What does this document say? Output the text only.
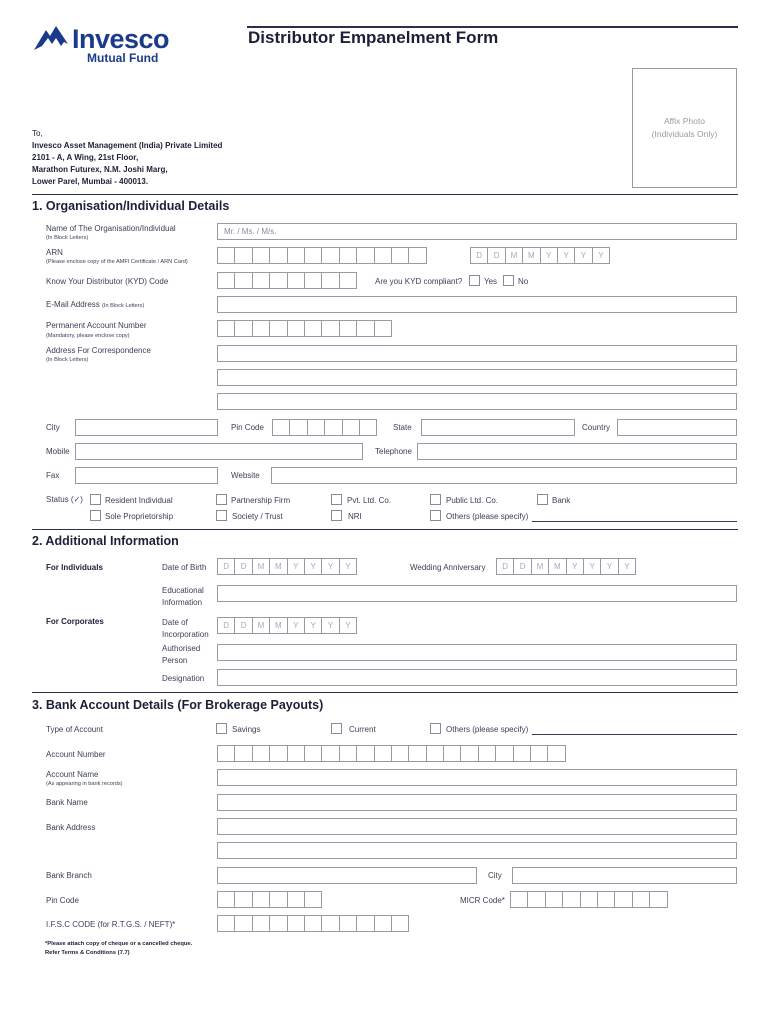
Invesco
Mutual Fund
Distributor Empanelment Form
Affix Photo
(Individuals Only)
To,
Invesco Asset Management (India) Private Limited
2101 - A, A Wing, 21st Floor,
Marathon Futurex, N.M. Joshi Marg,
Lower Parel, Mumbai - 400013.
1. Organisation/Individual Details
Name of The Organisation/Individual
(In Block Letters)
Mr. / Ms. / M/s.
ARN
(Please enclose copy of the AMFI Certificate / ARN Card)
D	D	M	M	Y	Y	Y	Y
Know Your Distributor (KYD) Code	Are you KYD compliant?	Yes	No
E-Mail Address (In Block Letters)
Permanent Account Number
(Mandatory, please enclose copy)
Address For Correspondence
(In Block Letters)
City	Pin Code	State	Country
Mobile	Telephone
Fax	Website
Status (✓)	Resident Individual	Partnership Firm	Pvt. Ltd. Co.	Public Ltd. Co.	Bank
Sole Proprietorship	Society / Trust	NRI	Others (please specify)
2. Additional Information
For Individuals	Date of Birth	D	D	M	M	Y	Y	Y	Y	Wedding Anniversary	D	D	M	M	Y	Y	Y	Y
Educational
Information
For Corporates	Date of
Incorporation
D	D	M	M	Y	Y	Y	Y
Authorised
Person
Designation
3. Bank Account Details (For Brokerage Payouts)
Type of Account	Savings	Current	Others (please specify)
Account Number
Account Name
(As appearing in bank records)
Bank Name
Bank Address
Bank Branch	City
Pin Code	MICR Code*
I.F.S.C CODE (for R.T.G.S. / NEFT)*
*Please attach copy of cheque or a cancelled cheque.
Refer Terms & Conditions (7.7)
